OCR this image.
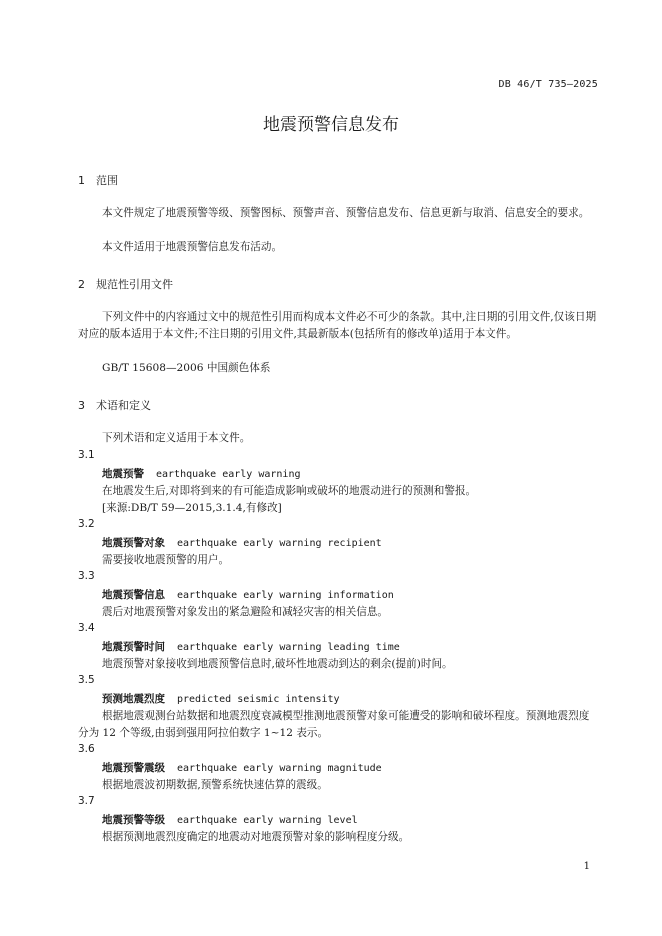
DB 46/T 735—2025
地震预警信息发布
1 范围
本文件规定了地震预警等级、预警图标、预警声音、预警信息发布、信息更新与取消、信息安全的要求。
本文件适用于地震预警信息发布活动。
2 规范性引用文件
下列文件中的内容通过文中的规范性引用而构成本文件必不可少的条款。其中,注日期的引用文件,仅该日期对应的版本适用于本文件;不注日期的引用文件,其最新版本(包括所有的修改单)适用于本文件。
GB/T 15608—2006 中国颜色体系
3 术语和定义
下列术语和定义适用于本文件。
3.1
地震预警 earthquake early warning
在地震发生后,对即将到来的有可能造成影响或破坏的地震动进行的预测和警报。
[来源:DB/T 59—2015,3.1.4,有修改]
3.2
地震预警对象 earthquake early warning recipient
需要接收地震预警的用户。
3.3
地震预警信息 earthquake early warning information
震后对地震预警对象发出的紧急避险和减轻灾害的相关信息。
3.4
地震预警时间 earthquake early warning leading time
地震预警对象接收到地震预警信息时,破坏性地震动到达的剩余(提前)时间。
3.5
预测地震烈度 predicted seismic intensity
根据地震观测台站数据和地震烈度衰减模型推测地震预警对象可能遭受的影响和破坏程度。预测地震烈度分为 12 个等级,由弱到强用阿拉伯数字 1~12 表示。
3.6
地震预警震级 earthquake early warning magnitude
根据地震波初期数据,预警系统快速估算的震级。
3.7
地震预警等级 earthquake early warning level
根据预测地震烈度确定的地震动对地震预警对象的影响程度分级。
1
